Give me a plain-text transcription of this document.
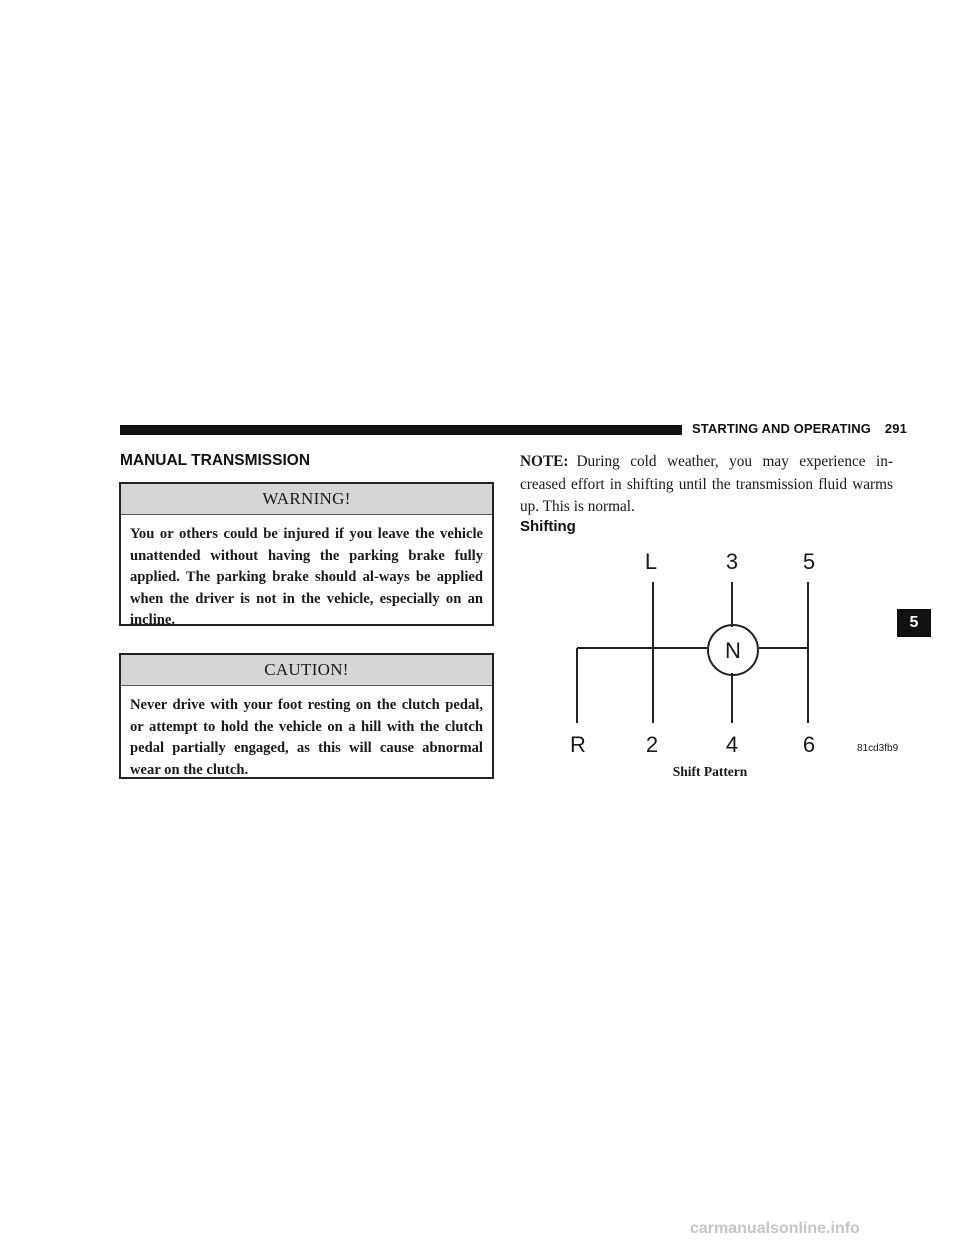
STARTING AND OPERATING 291
MANUAL TRANSMISSION
WARNING!
You or others could be injured if you leave the vehicle unattended without having the parking brake fully applied. The parking brake should al-ways be applied when the driver is not in the vehicle, especially on an incline.
CAUTION!
Never drive with your foot resting on the clutch pedal, or attempt to hold the vehicle on a hill with the clutch pedal partially engaged, as this will cause abnormal wear on the clutch.
NOTE: During cold weather, you may experience in-creased effort in shifting until the transmission fluid warms up. This is normal.
Shifting
L	3	5
N
R	2	4	6	81cd3fb9
Shift Pattern
5
carmanualsonline.info
